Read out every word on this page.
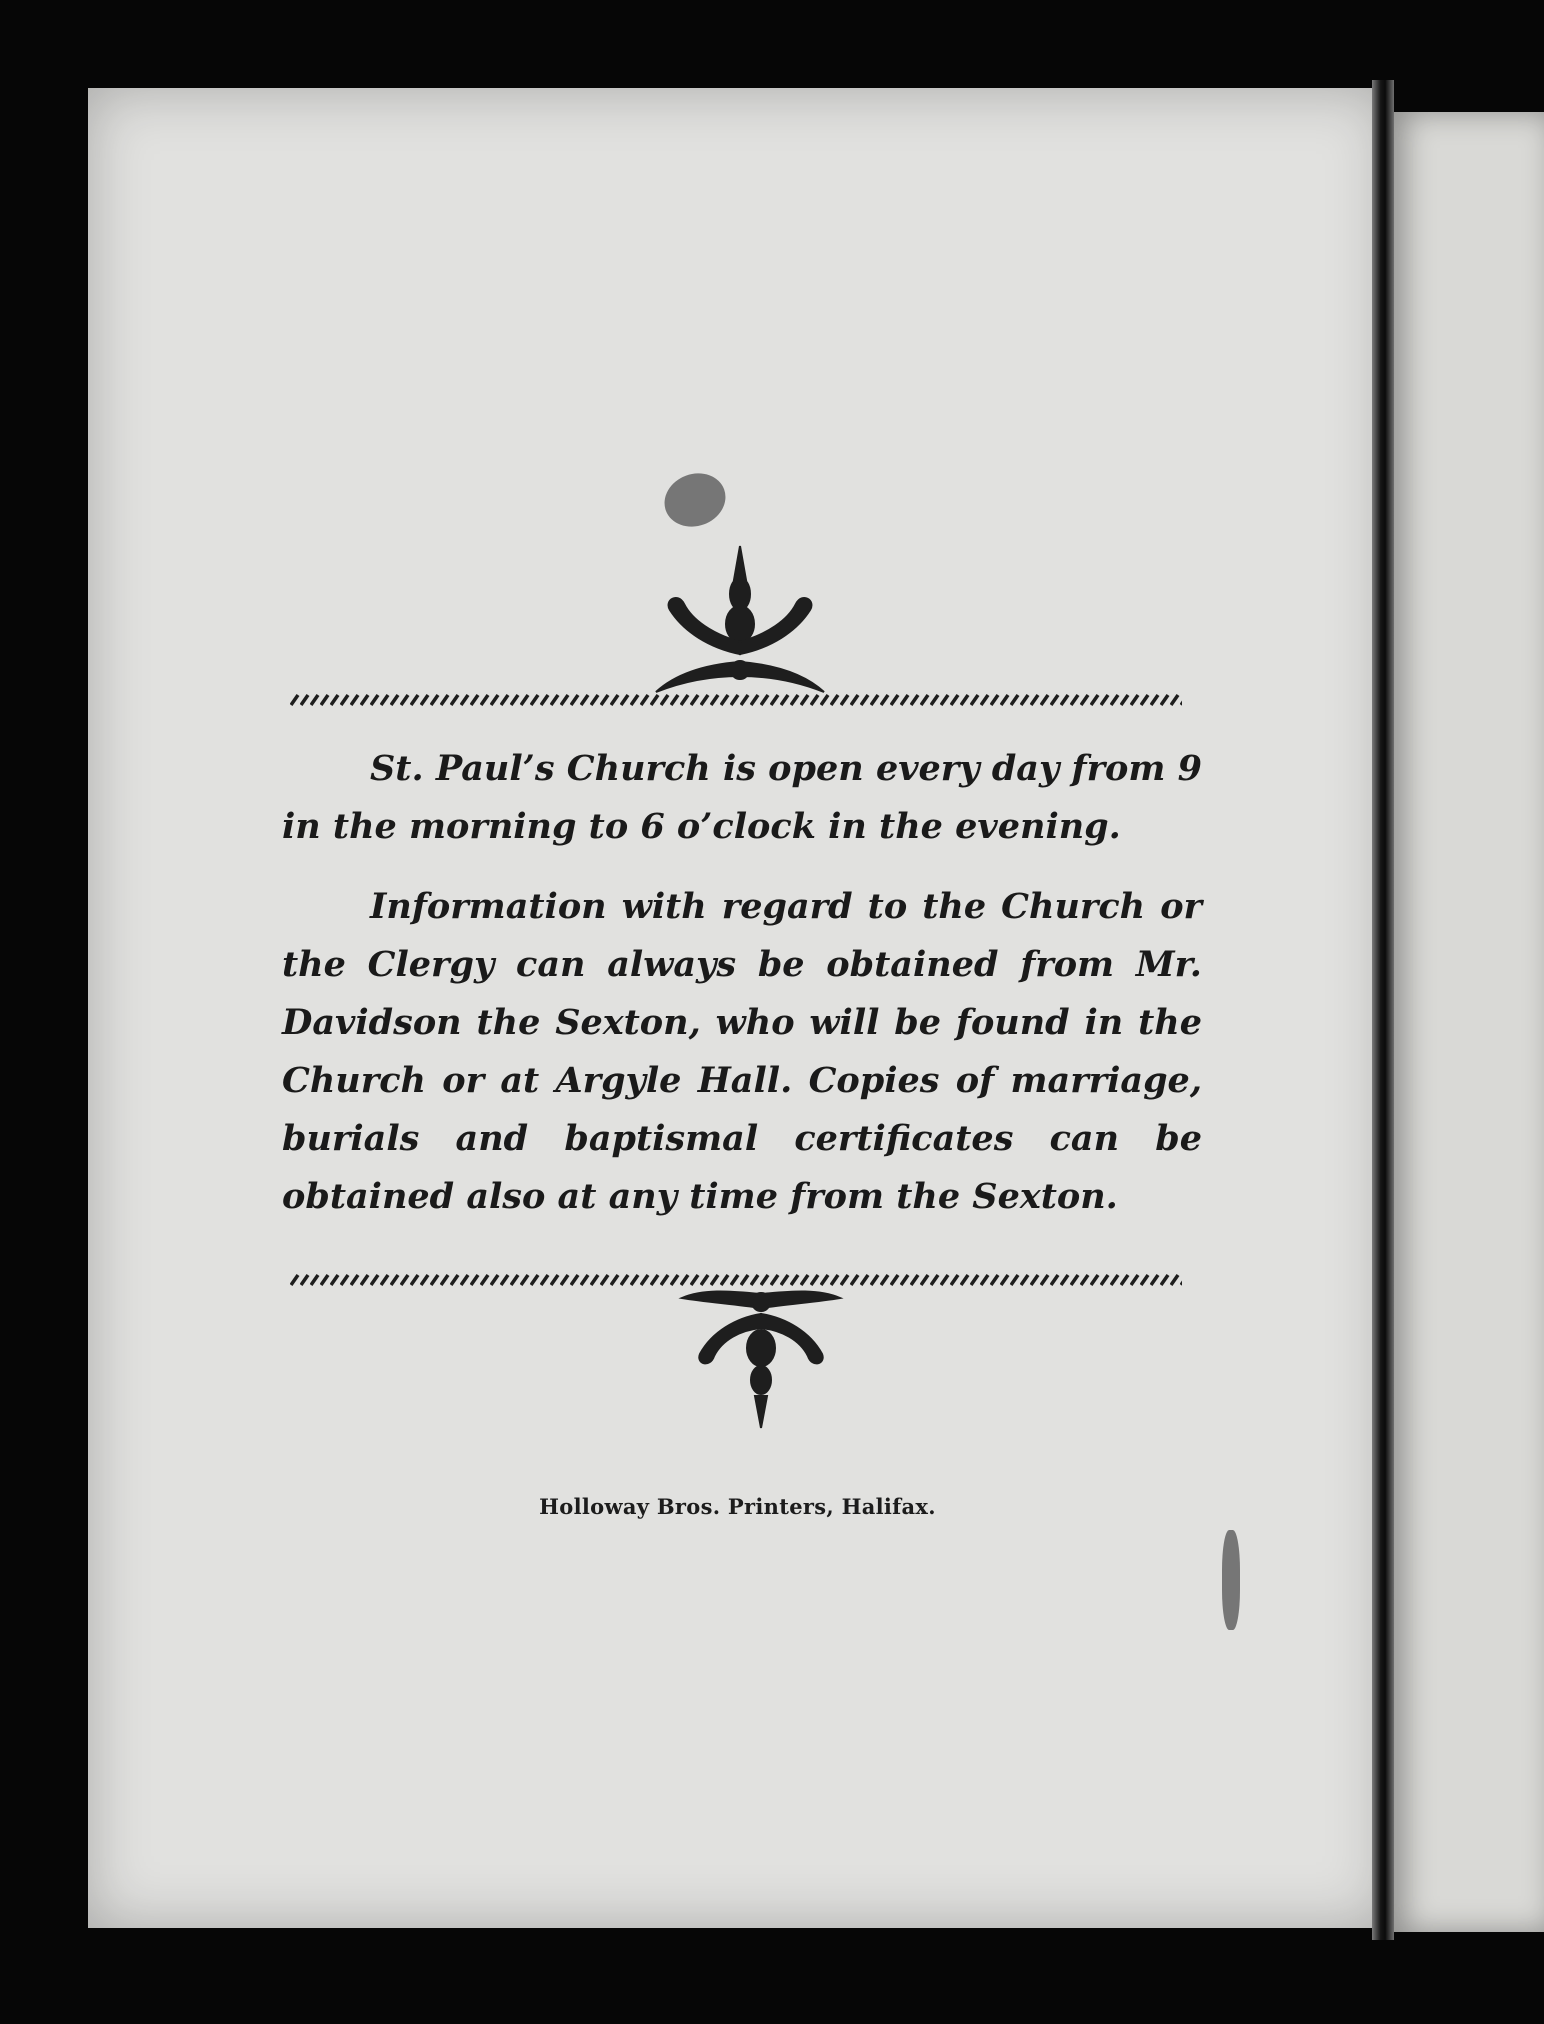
St. Paul’s Church is open every day from 9 in the morning to 6 o’clock in the evening.
Information with regard to the Church or the Clergy can always be obtained from Mr. Davidson the Sexton, who will be found in the Church or at Argyle Hall. Copies of marriage, burials and baptismal certificates can be obtained also at any time from the Sexton.
Holloway Bros. Printers, Halifax.
